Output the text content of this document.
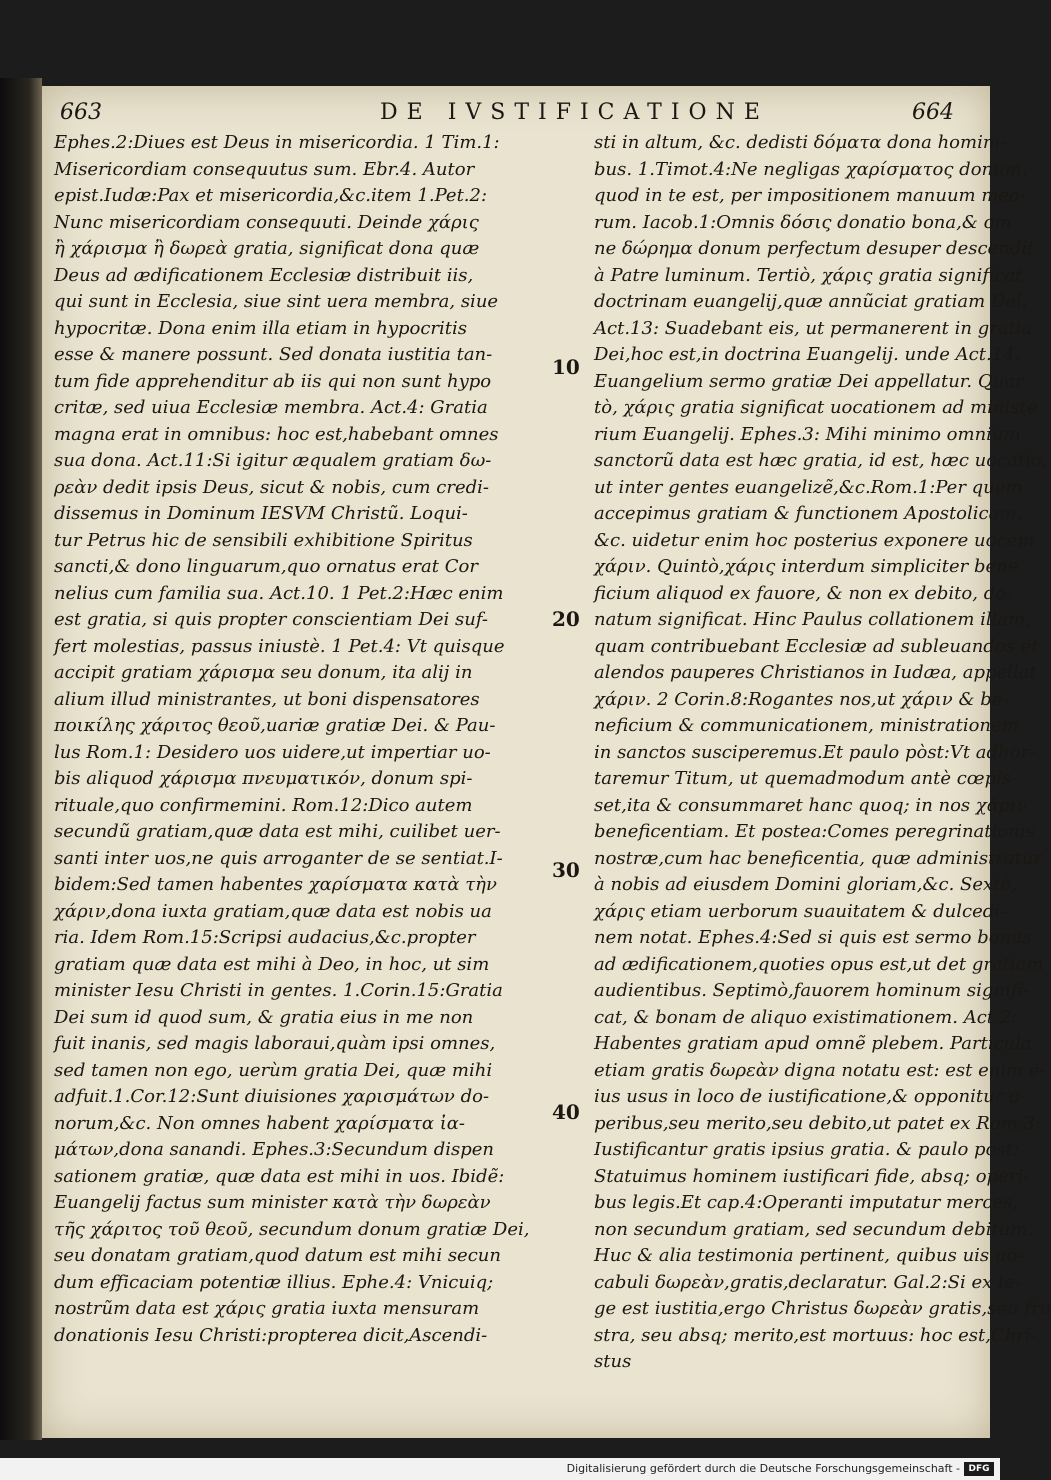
663	DE IVSTIFICATIONE	664
Ephes.2:Diues est Deus in misericordia. 1 Tim.1:
Misericordiam consequutus sum. Ebr.4. Autor
epist.Iudæ:Pax et misericordia,&c.item 1.Pet.2:
Nunc misericordiam consequuti. Deinde χάρις
ἢ χάρισμα ἢ δωρεὰ gratia, significat dona quæ
Deus ad ædificationem Ecclesiæ distribuit iis,
qui sunt in Ecclesia, siue sint uera membra, siue
hypocritæ. Dona enim illa etiam in hypocritis
esse & manere possunt. Sed donata iustitia tan-
tum fide apprehenditur ab iis qui non sunt hypo
critæ, sed uiua Ecclesiæ membra. Act.4: Gratia
magna erat in omnibus: hoc est,habebant omnes
sua dona. Act.11:Si igitur æqualem gratiam δω-
ρεὰν dedit ipsis Deus, sicut & nobis, cum credi-
dissemus in Dominum IESVM Christũ. Loqui-
tur Petrus hic de sensibili exhibitione Spiritus
sancti,& dono linguarum,quo ornatus erat Cor
nelius cum familia sua. Act.10. 1 Pet.2:Hæc enim
est gratia, si quis propter conscientiam Dei suf-
fert molestias, passus iniustè. 1 Pet.4: Vt quisque
accipit gratiam χάρισμα seu donum, ita alij in
alium illud ministrantes, ut boni dispensatores
ποικίλης χάριτος θεοῦ,uariæ gratiæ Dei. & Pau-
lus Rom.1: Desidero uos uidere,ut impertiar uo-
bis aliquod χάρισμα πνευματικόν, donum spi-
rituale,quo confirmemini. Rom.12:Dico autem
secundũ gratiam,quæ data est mihi, cuilibet uer-
santi inter uos,ne quis arroganter de se sentiat.I-
bidem:Sed tamen habentes χαρίσματα κατὰ τὴν
χάριν,dona iuxta gratiam,quæ data est nobis ua
ria. Idem Rom.15:Scripsi audacius,&c.propter
gratiam quæ data est mihi à Deo, in hoc, ut sim
minister Iesu Christi in gentes. 1.Corin.15:Gratia
Dei sum id quod sum, & gratia eius in me non
fuit inanis, sed magis laboraui,quàm ipsi omnes,
sed tamen non ego, uerùm gratia Dei, quæ mihi
adfuit.1.Cor.12:Sunt diuisiones χαρισμάτων do-
norum,&c. Non omnes habent χαρίσματα ἰα-
μάτων,dona sanandi. Ephes.3:Secundum dispen
sationem gratiæ, quæ data est mihi in uos. Ibidẽ:
Euangelij factus sum minister κατὰ τὴν δωρεὰν
τῆς χάριτος τοῦ θεοῦ, secundum donum gratiæ Dei,
seu donatam gratiam,quod datum est mihi secun
dum efficaciam potentiæ illius. Ephe.4: Vnicuiq;
nostrũm data est χάρις gratia iuxta mensuram
donationis Iesu Christi:propterea dicit,Ascendi-
sti in altum, &c. dedisti δόματα dona homini-
bus. 1.Timot.4:Ne negligas χαρίσματος donum,
quod in te est, per impositionem manuum mea-
rum. Iacob.1:Omnis δόσις donatio bona,& om
ne δώρημα donum perfectum desuper descendit
à Patre luminum. Tertiò, χάρις gratia significat
doctrinam euangelij,quæ annũciat gratiam Dei.
Act.13: Suadebant eis, ut permanerent in gratia
Dei,hoc est,in doctrina Euangelij. unde Act.14.
Euangelium sermo gratiæ Dei appellatur. Quar
tò, χάρις gratia significat uocationem ad ministe
rium Euangelij. Ephes.3: Mihi minimo omnium
sanctorũ data est hæc gratia, id est, hæc uocatio,
ut inter gentes euangelizẽ,&c.Rom.1:Per quem
accepimus gratiam & functionem Apostolicam,
&c. uidetur enim hoc posterius exponere uocem
χάριν. Quintò,χάρις interdum simpliciter bene
ficium aliquod ex fauore, & non ex debito, do-
natum significat. Hinc Paulus collationem illam,
quam contribuebant Ecclesiæ ad subleuandos et
alendos pauperes Christianos in Iudæa, appellat
χάριν. 2 Corin.8:Rogantes nos,ut χάριν & be-
neficium & communicationem, ministrationem
in sanctos susciperemus.Et paulo pòst:Vt adhor-
taremur Titum, ut quemadmodum antè cœpis-
set,ita & consummaret hanc quoq; in nos χάριν
beneficentiam. Et postea:Comes peregrinationis
nostræ,cum hac beneficentia, quæ administratur
à nobis ad eiusdem Domini gloriam,&c. Sextò,
χάρις etiam uerborum suauitatem & dulcedi-
nem notat. Ephes.4:Sed si quis est sermo bonus
ad ædificationem,quoties opus est,ut det gratiam
audientibus. Septimò,fauorem hominum signifi-
cat, & bonam de aliquo existimationem. Act.2:
Habentes gratiam apud omnẽ plebem. Particula
etiam gratis δωρεὰν digna notatu est: est enim e-
ius usus in loco de iustificatione,& opponitur o-
peribus,seu merito,seu debito,ut patet ex Rom.3:
Iustificantur gratis ipsius gratia. & paulo pòst:
Statuimus hominem iustificari fide, absq; operi-
bus legis.Et cap.4:Operanti imputatur merces,
non secundum gratiam, sed secundum debitum.
Huc & alia testimonia pertinent, quibus uis uo-
cabuli δωρεὰν,gratis,declaratur. Gal.2:Si ex le-
ge est iustitia,ergo Christus δωρεὰν gratis,seu fru
stra, seu absq; merito,est mortuus: hoc est,Chri-
stus
10
20
30
40
Digitalisierung gefördert durch die Deutsche Forschungsgemeinschaft - DFG
